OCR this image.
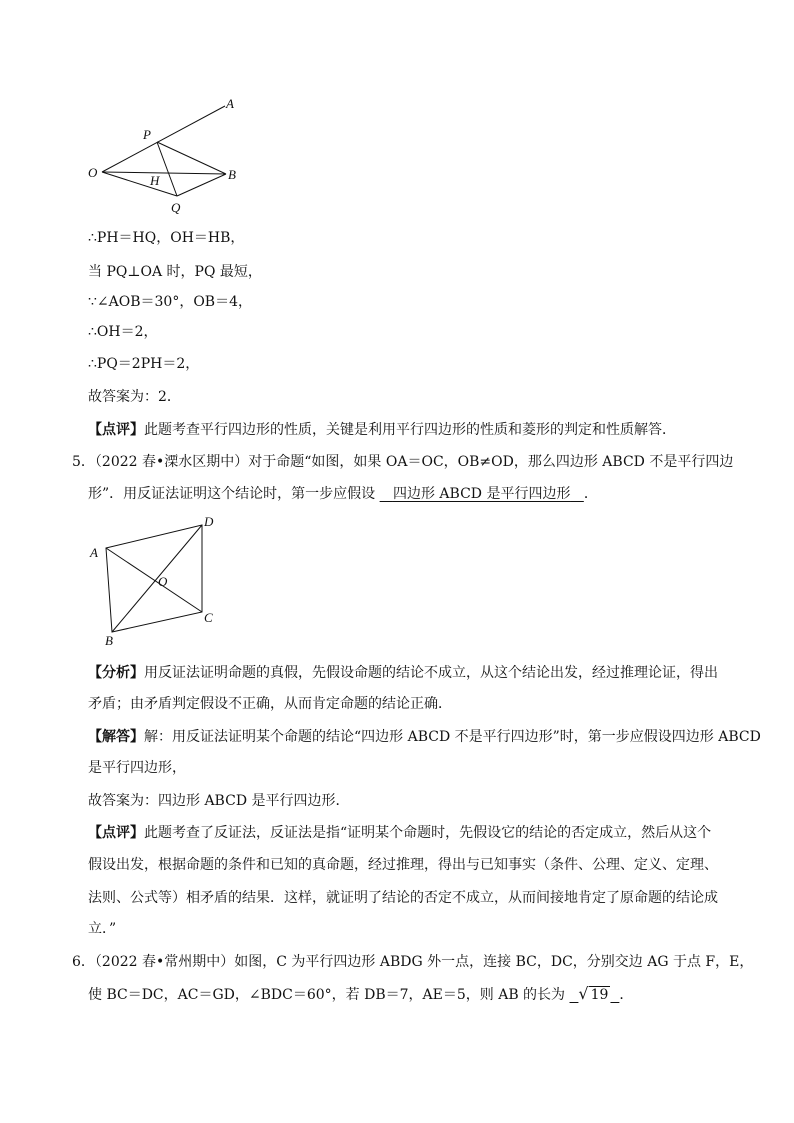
A
P
O
H	B
Q
∴PH＝HQ，OH＝HB，
当 PQ⊥OA 时，PQ 最短，
∵∠AOB＝30°，OB＝4，
∴OH＝2，
∴PQ＝2PH＝2，
故答案为：2．
【点评】此题考查平行四边形的性质，关键是利用平行四边形的性质和菱形的判定和性质解答．
5．（2022 春•溧水区期中）对于命题“如图，如果 OA＝OC，OB≠OD，那么四边形 ABCD 不是平行四边
形”．用反证法证明这个结论时，第一步应假设 四边形 ABCD 是平行四边形 ．
A
D
O
C
B
【分析】用反证法证明命题的真假，先假设命题的结论不成立，从这个结论出发，经过推理论证，得出
矛盾；由矛盾判定假设不正确，从而肯定命题的结论正确．
【解答】解：用反证法证明某个命题的结论“四边形 ABCD 不是平行四边形”时，第一步应假设四边形 ABCD
是平行四边形，
故答案为：四边形 ABCD 是平行四边形．
【点评】此题考查了反证法，反证法是指“证明某个命题时，先假设它的结论的否定成立，然后从这个
假设出发，根据命题的条件和已知的真命题，经过推理，得出与已知事实（条件、公理、定义、定理、
法则、公式等）相矛盾的结果．这样，就证明了结论的否定不成立，从而间接地肯定了原命题的结论成
立．”
6．（2022 春•常州期中）如图，C 为平行四边形 ABDG 外一点，连接 BC，DC，分别交边 AG 于点 F，E，
使 BC＝DC，AC＝GD，∠BDC＝60°，若 DB＝7，AE＝5，则 AB 的长为 √ 19 ．
